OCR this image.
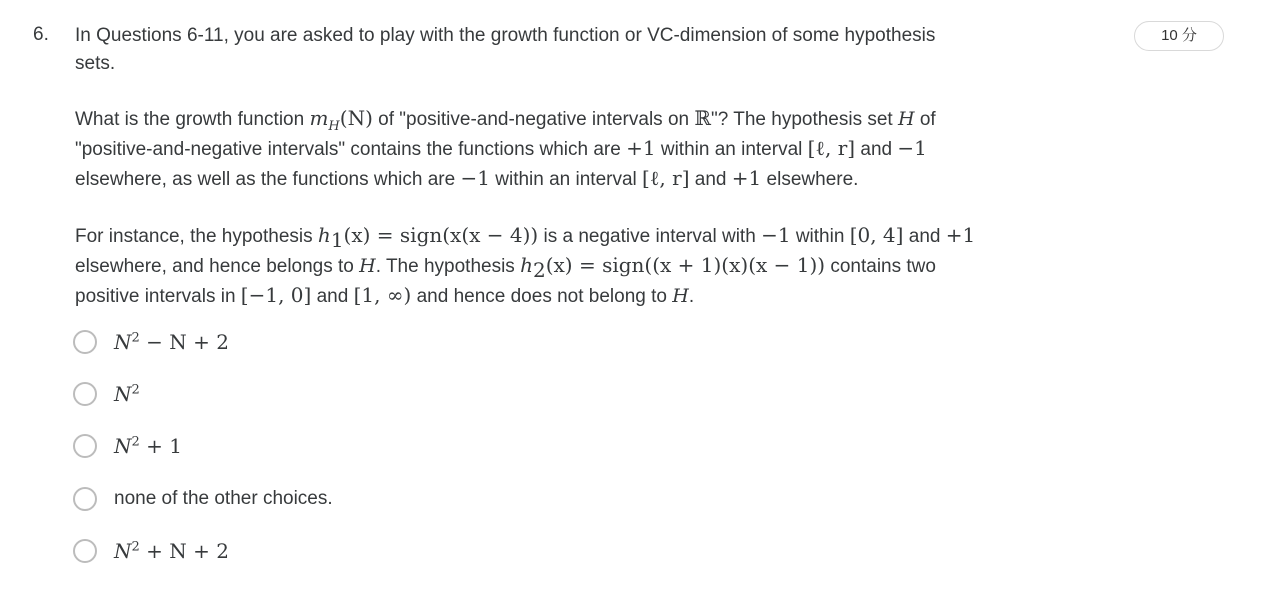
6.	10 分

In Questions 6-11, you are asked to play with the growth function or VC-dimension of some hypothesis
sets.

What is the growth function $m_H(N)$ of "positive-and-negative intervals on ℝ"? The hypothesis set H of
"positive-and-negative intervals" contains the functions which are +1 within an interval [ℓ, r] and −1
elsewhere, as well as the functions which are −1 within an interval [ℓ, r] and +1 elsewhere.

For instance, the hypothesis $h_1(x)$ = sign(x(x − 4)) is a negative interval with −1 within [0, 4] and +1
elsewhere, and hence belongs to H. The hypothesis $h_2(x)$ = sign((x + 1)(x)(x − 1)) contains two
positive intervals in [−1, 0] and [1, ∞) and hence does not belong to H.

$N^2 - N + 2$
$N^2$
$N^2 + 1$
none of the other choices.
$N^2 + N + 2$
